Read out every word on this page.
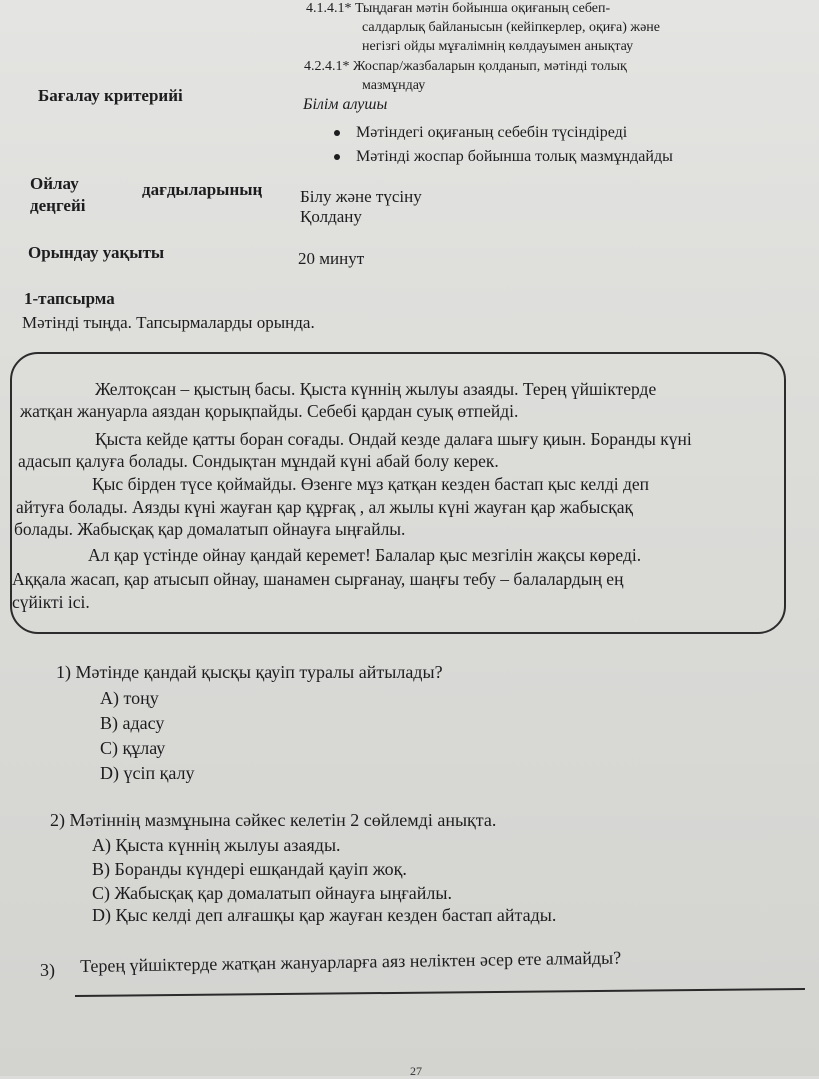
4.1.4.1* Тыңдаған мәтін бойынша оқиғаның себеп-
салдарлық байланысын (кейіпкерлер, оқиға) және
негізгі ойды мұғалімнің көлдауымен анықтау
4.2.4.1* Жоспар/жазбаларын қолданып, мәтінді толық
мазмұндау
Бағалау критерийі	Білім алушы
Мәтіндегі оқиғаның себебін түсіндіреді
Мәтінді жоспар бойынша толық мазмұндайды
Ойлау	дағдыларының
деңгейі	Білу және түсіну
Қолдану
Орындау уақыты	20 минут
1-тапсырма
Мәтінді тыңда. Тапсырмаларды орында.
Желтоқсан – қыстың басы. Қыста күннің жылуы азаяды. Терең үйшіктерде
жатқан жануарла аяздан қорықпайды. Себебі қардан суық өтпейді.
Қыста кейде қатты боран соғады. Ондай кезде далаға шығу қиын. Боранды күні
адасып қалуға болады. Сондықтан мұндай күні абай болу керек.
Қыс бірден түсе қоймайды. Өзенге мұз қатқан кезден бастап қыс келді деп
айтуға болады. Аязды күні жауған қар құрғақ , ал жылы күні жауған қар жабысқақ
болады. Жабысқақ қар домалатып ойнауға ыңғайлы.
Ал қар үстінде ойнау қандай керемет! Балалар қыс мезгілін жақсы көреді.
Аққала жасап, қар атысып ойнау, шанамен сырғанау, шаңғы тебу – балалардың ең
сүйікті ісі.
1) Мәтінде қандай қысқы қауіп туралы айтылады?
A) тоңу
B) адасу
C) құлау
D) үсіп қалу
2) Мәтіннің мазмұнына сәйкес келетін 2 сөйлемді анықта.
A) Қыста күннің жылуы азаяды.
B) Боранды күндері ешқандай қауіп жоқ.
C) Жабысқақ қар домалатып ойнауға ыңғайлы.
D) Қыс келді деп алғашқы қар жауған кезден бастап айтады.
3) Терең үйшіктерде жатқан жануарларға аяз неліктен әсер ете алмайды?
27
